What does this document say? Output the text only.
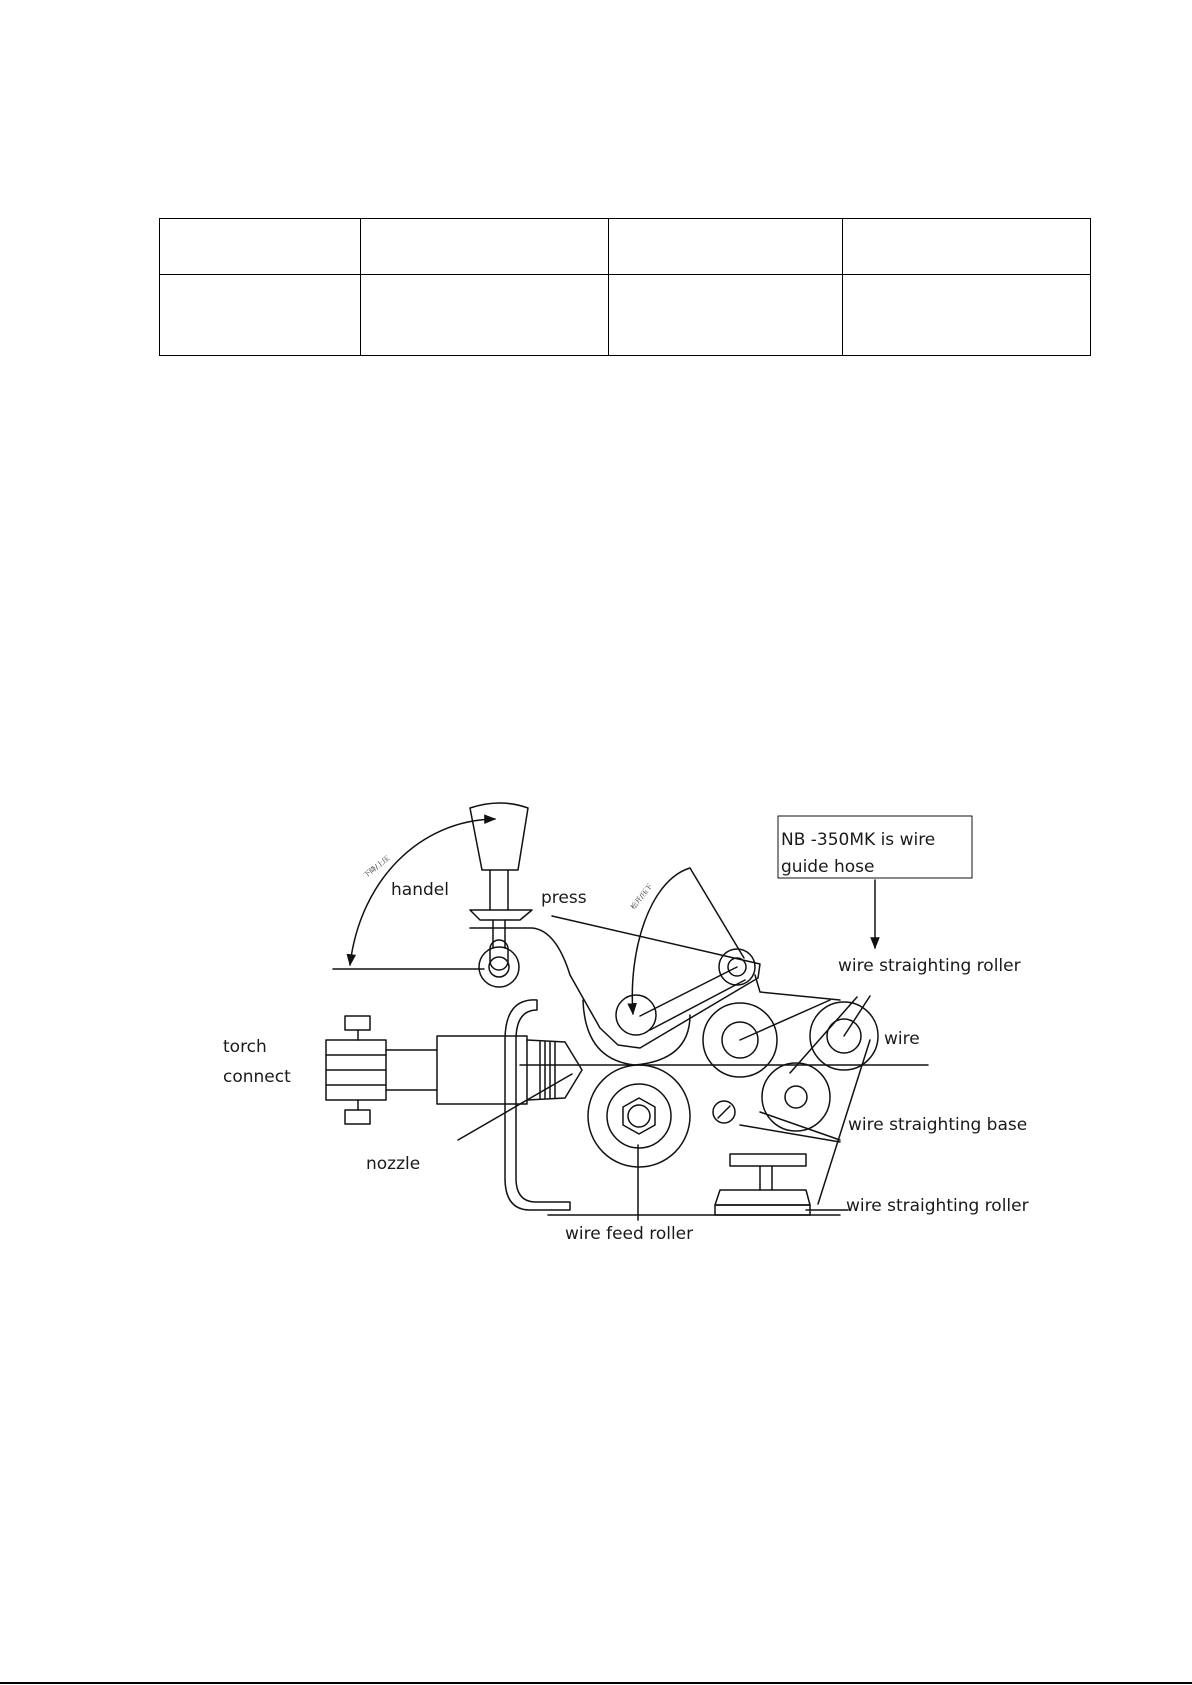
下降/上压
松开/压下
NB -350MK is wire
guide hose
handel	press
wire straighting roller
wire
torch
connect
wire straighting base
nozzle
wire straighting roller
wire feed roller
